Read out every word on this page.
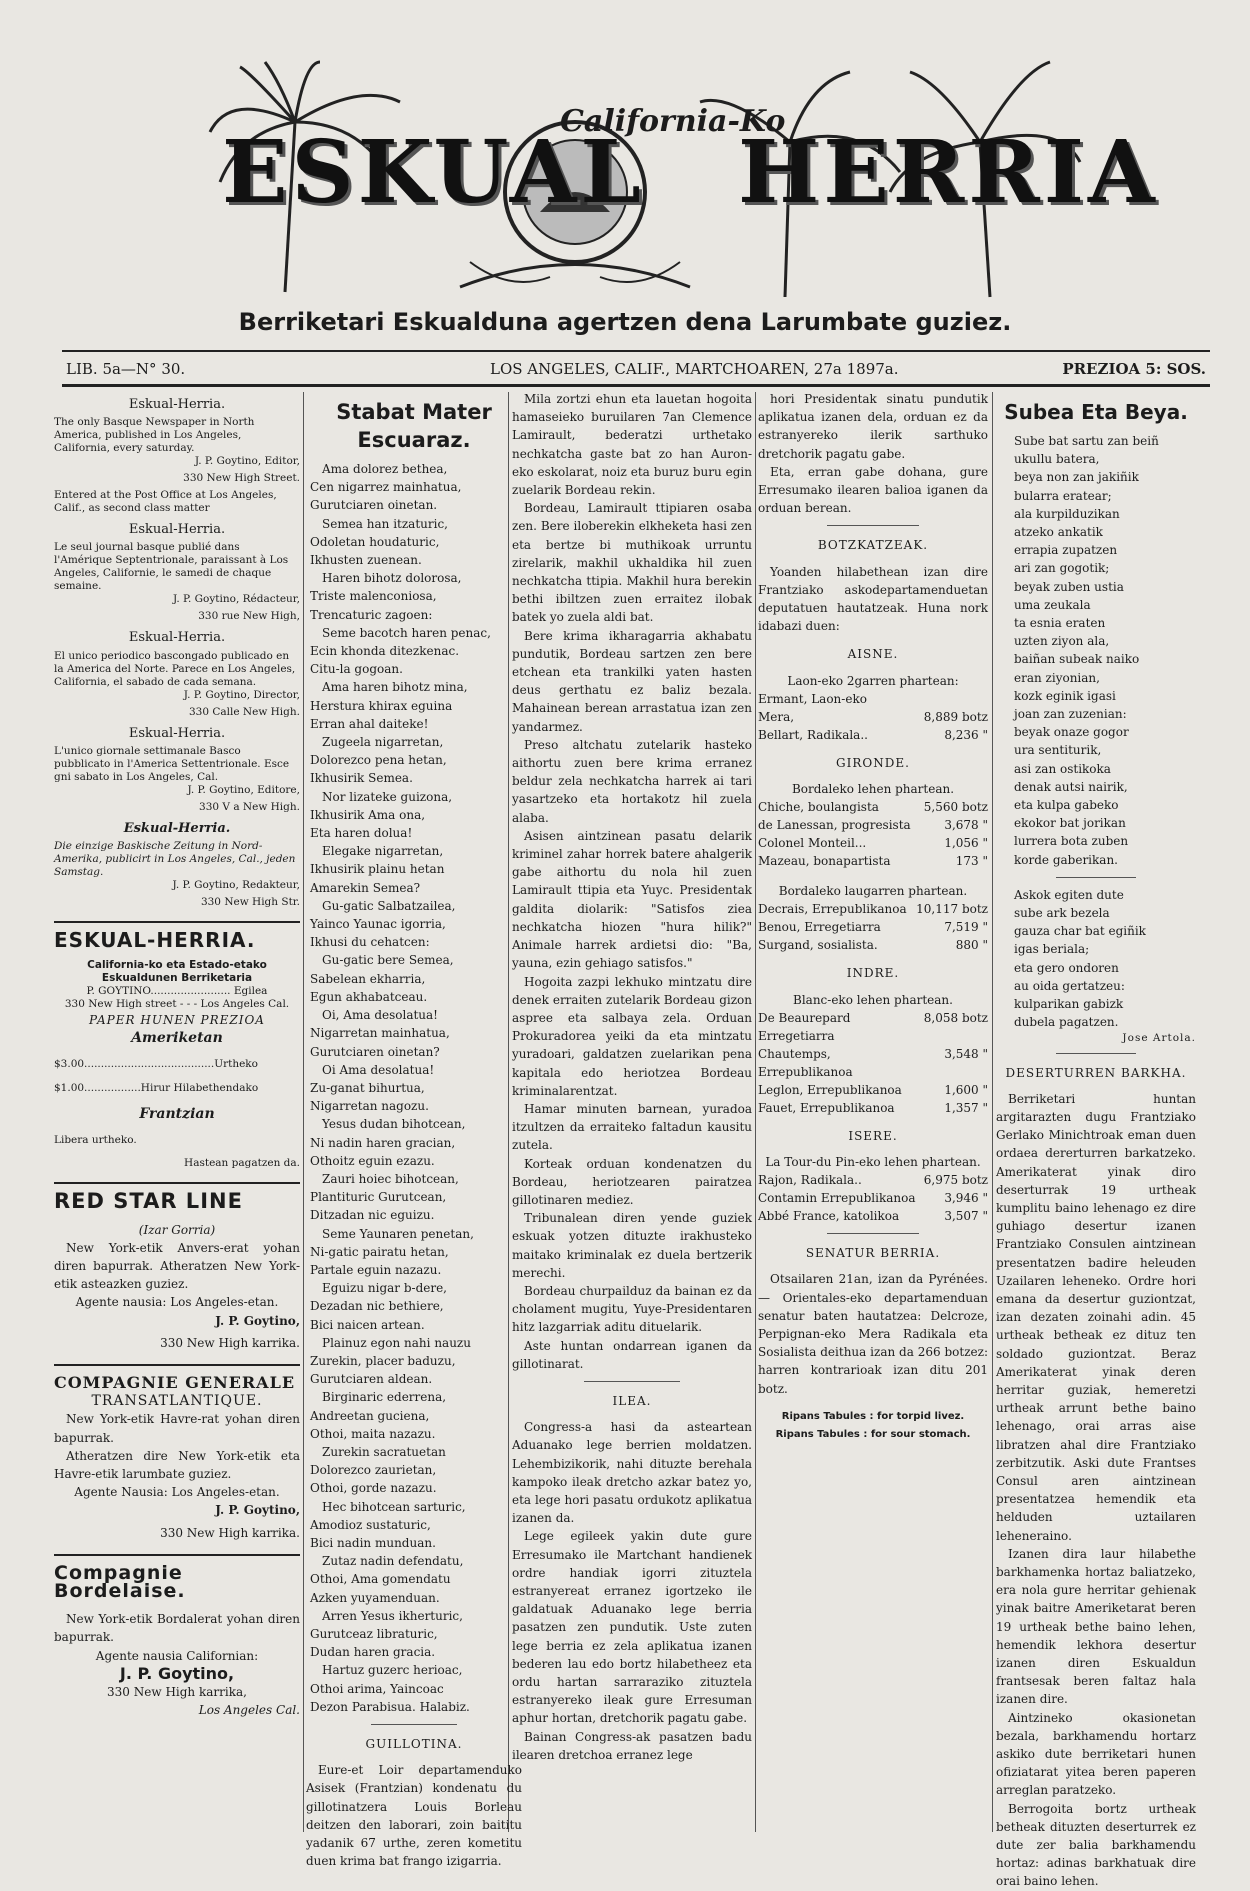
ESKUAL HERRIA
California-Ko
Berriketari Eskualduna agertzen dena Larumbate guziez.
LIB. 5a—N° 30.	LOS ANGELES, CALIF., MARTCHOAREN, 27a 1897a.	PREZIOA 5: SOS.

Eskual-Herria.

The only Basque Newspaper in North America, published in Los Angeles, California, every saturday.

J. P. Goytino, Editor,

330 New High Street.

Entered at the Post Office at Los Angeles, Calif., as second class matter

Eskual-Herria.

Le seul journal basque publié dans l'Amérique Septentrionale, paraissant à Los Angeles, Californie, le samedi de chaque semaine.

J. P. Goytino, Rédacteur,

330 rue New High,

Eskual-Herria.

El unico periodico bascongado publicado en la America del Norte. Parece en Los Angeles, California, el sabado de cada semana.

J. P. Goytino, Director,

330 Calle New High.

Eskual-Herria.

L'unico giornale settimanale Basco pubblicato in l'America Settentrionale. Esce gni sabato in Los Angeles, Cal.

J. P. Goytino, Editore,

330 V a New High.

Eskual-Herria.

Die einzige Baskische Zeitung in Nord-Amerika, publicirt in Los Angeles, Cal., jeden Samstag.

J. P. Goytino, Redakteur,

330 New High Str.

ESKUAL-HERRIA.

California-ko eta Estado-etako Eskualdunen Berriketaria

P. GOYTINO........................ Egilea

330 New High street - - - Los Angeles Cal.

PAPER HUNEN PREZIOA

Ameriketan

$3.00.......................................Urtheko

$1.00.................Hirur Hilabethendako

Frantzian

Libera urtheko.

Hastean pagatzen da.

RED STAR LINE

(Izar Gorria)

New York-etik Anvers-erat yohan diren bapurrak. Atheratzen New York-etik asteazken guziez.

Agente nausia: Los Angeles-etan.

J. P. Goytino,

330 New High karrika.

COMPAGNIE GENERALE

TRANSATLANTIQUE.

New York-etik Havre-rat yohan diren bapurrak.

Atheratzen dire New York-etik eta Havre-etik larumbate guziez.

Agente Nausia: Los Angeles-etan.

J. P. Goytino,

330 New High karrika.

Compagnie Bordelaise.

New York-etik Bordalerat yohan diren bapurrak.

Agente nausia Californian:

J. P. Goytino,

330 New High karrika,

Los Angeles Cal.

Stabat Mater Escuaraz.
Ama dolorez bethea,
Cen nigarrez mainhatua,
Gurutciaren oinetan.
Semea han itzaturic,
Odoletan houdaturic,
Ikhusten zuenean.
Haren bihotz dolorosa,
Triste malenconiosa,
Trencaturic zagoen:
Seme bacotch haren penac,
Ecin khonda ditezkenac.
Citu-la gogoan.
Ama haren bihotz mina,
Herstura khirax eguina
Erran ahal daiteke!
Zugeela nigarretan,
Dolorezco pena hetan,
Ikhusirik Semea.
Nor lizateke guizona,
Ikhusirik Ama ona,
Eta haren dolua!
Elegake nigarretan,
Ikhusirik plainu hetan
Amarekin Semea?
Gu-gatic Salbatzailea,
Yainco Yaunac igorria,
Ikhusi du cehatcen:
Gu-gatic bere Semea,
Sabelean ekharria,
Egun akhabatceau.
Oi, Ama desolatua!
Nigarretan mainhatua,
Gurutciaren oinetan?
Oi Ama desolatua!
Zu-ganat bihurtua,
Nigarretan nagozu.
Yesus dudan bihotcean,
Ni nadin haren gracian,
Othoitz eguin ezazu.
Zauri hoiec bihotcean,
Plantituric Gurutcean,
Ditzadan nic eguizu.
Seme Yaunaren penetan,
Ni-gatic pairatu hetan,
Partale eguin nazazu.
Eguizu nigar b-dere,
Dezadan nic bethiere,
Bici naicen artean.
Plainuz egon nahi nauzu
Zurekin, placer baduzu,
Gurutciaren aldean.
Birginaric ederrena,
Andreetan guciena,
Othoi, maita nazazu.
Zurekin sacratuetan
Dolorezco zaurietan,
Othoi, gorde nazazu.
Hec bihotcean sarturic,
Amodioz sustaturic,
Bici nadin munduan.
Zutaz nadin defendatu,
Othoi, Ama gomendatu
Azken yuyamenduan.
Arren Yesus ikherturic,
Gurutceaz libraturic,
Dudan haren gracia.
Hartuz guzerc herioac,
Othoi arima, Yaincoac
Dezon Parabisua. Halabiz.

GUILLOTINA.

Eure-et Loir departamenduko Asisek (Frantzian) kondenatu du gillotinatzera Louis Borleau deitzen den laborari, zoin baititu yadanik 67 urthe, zeren kometitu duen krima bat frango izigarria.

Mila zortzi ehun eta lauetan hogoita hamaseieko buruilaren 7an Clemence Lamirault, bederatzi urthetako nechkatcha gaste bat zo han Auron-eko eskolarat, noiz eta buruz buru egin zuelarik Bordeau rekin.

Bordeau, Lamirault ttipiaren osaba zen. Bere iloberekin elkheketa hasi zen eta bertze bi muthikoak urruntu zirelarik, makhil ukhaldika hil zuen nechkatcha ttipia. Makhil hura berekin bethi ibiltzen zuen erraitez ilobak batek yo zuela aldi bat.

Bere krima ikharagarria akhabatu pundutik, Bordeau sartzen zen bere etchean eta trankilki yaten hasten deus gerthatu ez baliz bezala. Mahainean berean arrastatua izan zen yandarmez.

Preso altchatu zutelarik hasteko aithortu zuen bere krima erranez beldur zela nechkatcha harrek ai tari yasartzeko eta hortakotz hil zuela alaba.

Asisen aintzinean pasatu delarik kriminel zahar horrek batere ahalgerik gabe aithortu du nola hil zuen Lamirault ttipia eta Yuyc. Presidentak galdita diolarik: "Satisfos ziea nechkatcha hiozen "hura hilik?" Animale harrek ardietsi dio: "Ba, yauna, ezin gehiago satisfos."

Hogoita zazpi lekhuko mintzatu dire denek erraiten zutelarik Bordeau gizon aspree eta salbaya zela. Orduan Prokuradorea yeiki da eta mintzatu yuradoari, galdatzen zuelarikan pena kapitala edo heriotzea Bordeau kriminalarentzat.

Hamar minuten barnean, yuradoa itzultzen da erraiteko faltadun kausitu zutela.

Korteak orduan kondenatzen du Bordeau, heriotzearen pairatzea gillotinaren mediez.

Tribunalean diren yende guziek eskuak yotzen dituzte irakhusteko maitako kriminalak ez duela bertzerik merechi.

Bordeau churpailduz da bainan ez da cholament mugitu, Yuye-Presidentaren hitz lazgarriak aditu dituelarik.

Aste huntan ondarrean iganen da gillotinarat.

ILEA.

Congress-a hasi da asteartean Aduanako lege berrien moldatzen. Lehembizikorik, nahi dituzte berehala kampoko ileak dretcho azkar batez yo, eta lege hori pasatu ordukotz aplikatua izanen da.

Lege egileek yakin dute gure Erresumako ile Martchant handienek ordre handiak igorri zituztela estranyereat erranez igortzeko ile galdatuak Aduanako lege berria pasatzen zen pundutik. Uste zuten lege berria ez zela aplikatua izanen bederen lau edo bortz hilabetheez eta ordu hartan sarraraziko zituztela estranyereko ileak gure Erresuman aphur hortan, dretchorik pagatu gabe.

Bainan Congress-ak pasatzen badu ilearen dretchoa erranez lege

hori Presidentak sinatu pundutik aplikatua izanen dela, orduan ez da estranyereko ilerik sarthuko dretchorik pagatu gabe.

Eta, erran gabe dohana, gure Erresumako ilearen balioa iganen da orduan berean.

BOTZKATZEAK.

Yoanden hilabethean izan dire Frantziako askodepartamenduetan deputatuen hautatzeak. Huna nork idabazi duen:

AISNE.

Laon-eko 2garren phartean:

Ermant, Laon-eko	
Mera,	8,889 botz
Bellart, Radikala..	8,236 "

GIRONDE.

Bordaleko lehen phartean.

Chiche, boulangista	5,560 botz
de Lanessan, progresista	3,678 "
Colonel Monteil...	1,056 "
Mazeau, bonapartista	173 "

Bordaleko laugarren phartean.

Decrais, Errepublikanoa	10,117 botz
Benou, Erregetiarra	7,519 "
Surgand, sosialista.	880 "

INDRE.

Blanc-eko lehen phartean.

De Beaurepard Erregetiarra	8,058 botz
Chautemps, Errepublikanoa	3,548 "
Leglon, Errepublikanoa	1,600 "
Fauet, Errepublikanoa	1,357 "

ISERE.

La Tour-du Pin-eko lehen phartean.

Rajon, Radikala..	6,975 botz
Contamin Errepublikanoa	3,946 "
Abbé France, katolikoa	3,507 "

SENATUR BERRIA.

Otsailaren 21an, izan da Pyrénées. — Orientales-eko departamenduan senatur baten hautatzea: Delcroze, Perpignan-eko Mera Radikala eta Sosialista deithua izan da 266 botzez: harren kontrarioak izan ditu 201 botz.

Ripans Tabules : for torpid livez.

Ripans Tabules : for sour stomach.

Subea Eta Beya.
Sube bat sartu zan beiñ
ukullu batera,
beya non zan jakiñik
bularra eratear;
ala kurpilduzikan
atzeko ankatik
errapia zupatzen
ari zan gogotik;
beyak zuben ustia
uma zeukala
ta esnia eraten
uzten ziyon ala,
baiñan subeak naiko
eran ziyonian,
kozk eginik igasi
joan zan zuzenian:
beyak onaze gogor
ura sentiturik,
asi zan ostikoka
denak autsi nairik,
eta kulpa gabeko
ekokor bat jorikan
lurrera bota zuben
korde gaberikan.
Askok egiten dute
sube ark bezela
gauza char bat egiñik
igas beriala;
eta gero ondoren
au oida gertatzeu:
kulparikan gabizk
dubela pagatzen.

Jose Artola.

DESERTURREN BARKHA.

Berriketari huntan argitarazten dugu Frantziako Gerlako Minichtroak eman duen ordaea dererturren barkatzeko. Amerikaterat yinak diro deserturrak 19 urtheak kumplitu baino lehenago ez dire guhiago desertur izanen Frantziako Consulen aintzinean presentatzen badire heleuden Uzailaren leheneko. Ordre hori emana da desertur guziontzat, izan dezaten zoinahi adin. 45 urtheak betheak ez dituz ten soldado guziontzat. Beraz Amerikaterat yinak deren herritar guziak, hemeretzi urtheak arrunt bethe baino lehenago, orai arras aise libratzen ahal dire Frantziako zerbitzutik. Aski dute Frantses Consul aren aintzinean presentatzea hemendik eta helduden uztailaren leheneraino.

Izanen dira laur hilabethe barkhamenka hortaz baliatzeko, era nola gure herritar gehienak yinak baitre Ameriketarat beren 19 urtheak bethe baino lehen, hemendik lekhora desertur izanen diren Eskualdun frantsesak beren faltaz hala izanen dire.

Aintzineko okasionetan bezala, barkhamendu hortarz askiko dute berriketari hunen ofiziatarat yitea beren paperen arreglan paratzeko.

Berrogoita bortz urtheak betheak dituzten deserturrek ez dute zer balia barkhamendu hortaz: adinas barkhatuak dire orai baino lehen.
